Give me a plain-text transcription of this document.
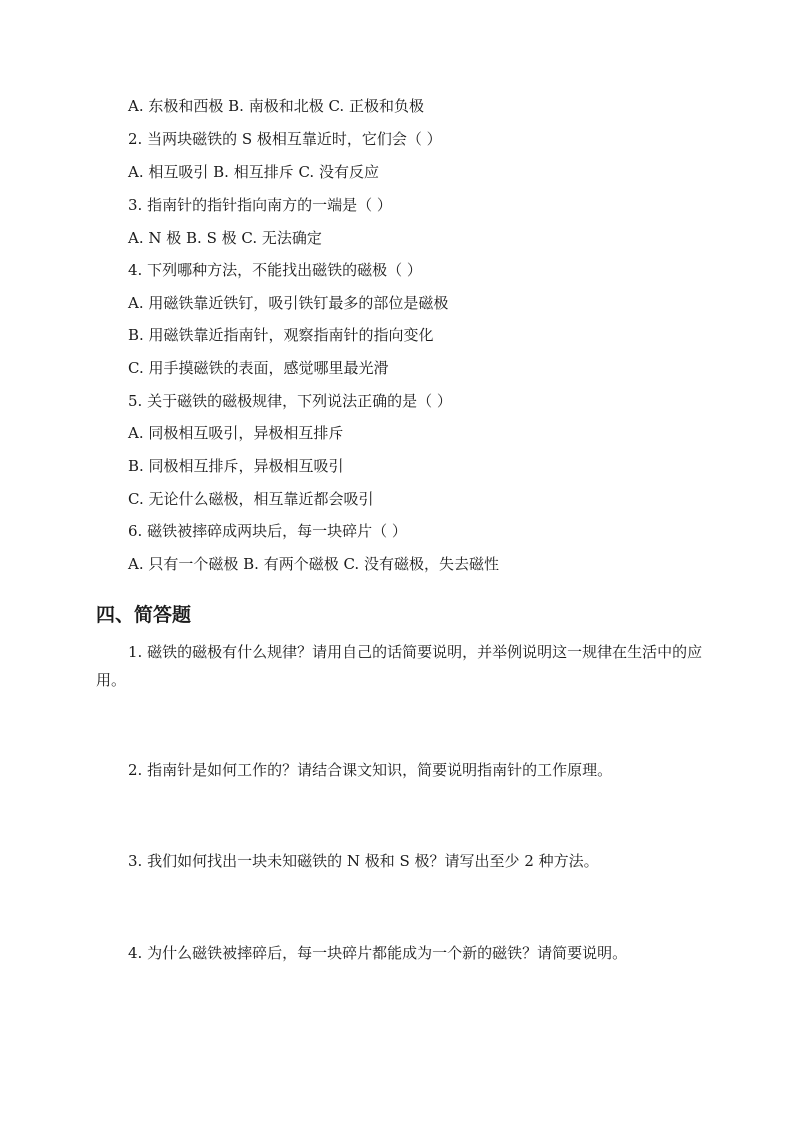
A. 东极和西极 B. 南极和北极 C. 正极和负极
2. 当两块磁铁的 S 极相互靠近时，它们会（ ）
A. 相互吸引 B. 相互排斥 C. 没有反应
3. 指南针的指针指向南方的一端是（ ）
A. N 极 B. S 极 C. 无法确定
4. 下列哪种方法，不能找出磁铁的磁极（ ）
A. 用磁铁靠近铁钉，吸引铁钉最多的部位是磁极
B. 用磁铁靠近指南针，观察指南针的指向变化
C. 用手摸磁铁的表面，感觉哪里最光滑
5. 关于磁铁的磁极规律，下列说法正确的是（ ）
A. 同极相互吸引，异极相互排斥
B. 同极相互排斥，异极相互吸引
C. 无论什么磁极，相互靠近都会吸引
6. 磁铁被摔碎成两块后，每一块碎片（ ）
A. 只有一个磁极 B. 有两个磁极 C. 没有磁极，失去磁性
四、简答题
1. 磁铁的磁极有什么规律？请用自己的话简要说明，并举例说明这一规律在生活中的应用。
2. 指南针是如何工作的？请结合课文知识，简要说明指南针的工作原理。
3. 我们如何找出一块未知磁铁的 N 极和 S 极？请写出至少 2 种方法。
4. 为什么磁铁被摔碎后，每一块碎片都能成为一个新的磁铁？请简要说明。
